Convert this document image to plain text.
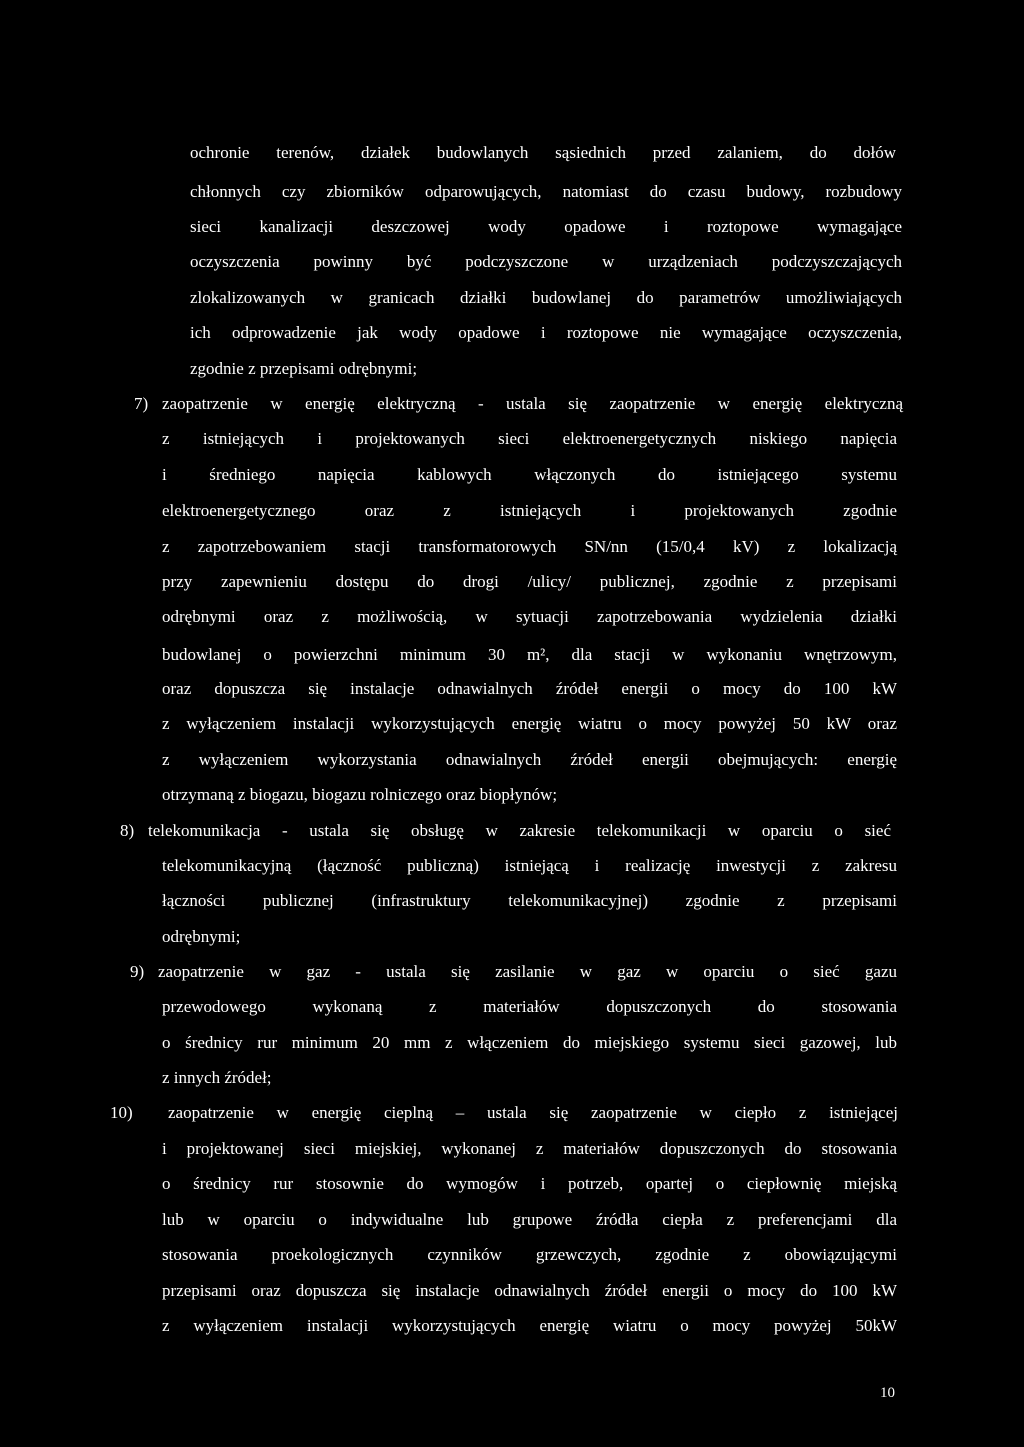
ochronie terenów, działek budowlanych sąsiednich przed zalaniem, do dołów
chłonnych czy zbiorników odparowujących, natomiast do czasu budowy, rozbudowy
sieci kanalizacji deszczowej wody opadowe i roztopowe wymagające
oczyszczenia powinny być podczyszczone w urządzeniach podczyszczających
zlokalizowanych w granicach działki budowlanej do parametrów umożliwiających
ich odprowadzenie jak wody opadowe i roztopowe nie wymagające oczyszczenia,
zgodnie z przepisami odrębnymi;
7) zaopatrzenie w energię elektryczną - ustala się zaopatrzenie w energię elektryczną
z istniejących i projektowanych sieci elektroenergetycznych niskiego napięcia
i średniego napięcia kablowych włączonych do istniejącego systemu
elektroenergetycznego oraz z istniejących i projektowanych zgodnie
z zapotrzebowaniem stacji transformatorowych SN/nn (15/0,4 kV) z lokalizacją
przy zapewnieniu dostępu do drogi /ulicy/ publicznej, zgodnie z przepisami
odrębnymi oraz z możliwością, w sytuacji zapotrzebowania wydzielenia działki
budowlanej o powierzchni minimum 30 m², dla stacji w wykonaniu wnętrzowym,
oraz dopuszcza się instalacje odnawialnych źródeł energii o mocy do 100 kW
z wyłączeniem instalacji wykorzystujących energię wiatru o mocy powyżej 50 kW oraz
z wyłączeniem wykorzystania odnawialnych źródeł energii obejmujących: energię
otrzymaną z biogazu, biogazu rolniczego oraz biopłynów;
8) telekomunikacja - ustala się obsługę w zakresie telekomunikacji w oparciu o sieć
telekomunikacyjną (łączność publiczną) istniejącą i realizację inwestycji z zakresu
łączności publicznej (infrastruktury telekomunikacyjnej) zgodnie z przepisami
odrębnymi;
9) zaopatrzenie w gaz - ustala się zasilanie w gaz w oparciu o sieć gazu
przewodowego wykonaną z materiałów dopuszczonych do stosowania
o średnicy rur minimum 20 mm z włączeniem do miejskiego systemu sieci gazowej, lub
z innych źródeł;
10) zaopatrzenie w energię cieplną – ustala się zaopatrzenie w ciepło z istniejącej
i projektowanej sieci miejskiej, wykonanej z materiałów dopuszczonych do stosowania
o średnicy rur stosownie do wymogów i potrzeb, opartej o ciepłownię miejską
lub w oparciu o indywidualne lub grupowe źródła ciepła z preferencjami dla
stosowania proekologicznych czynników grzewczych, zgodnie z obowiązującymi
przepisami oraz dopuszcza się instalacje odnawialnych źródeł energii o mocy do 100 kW
z wyłączeniem instalacji wykorzystujących energię wiatru o mocy powyżej 50kW
10
